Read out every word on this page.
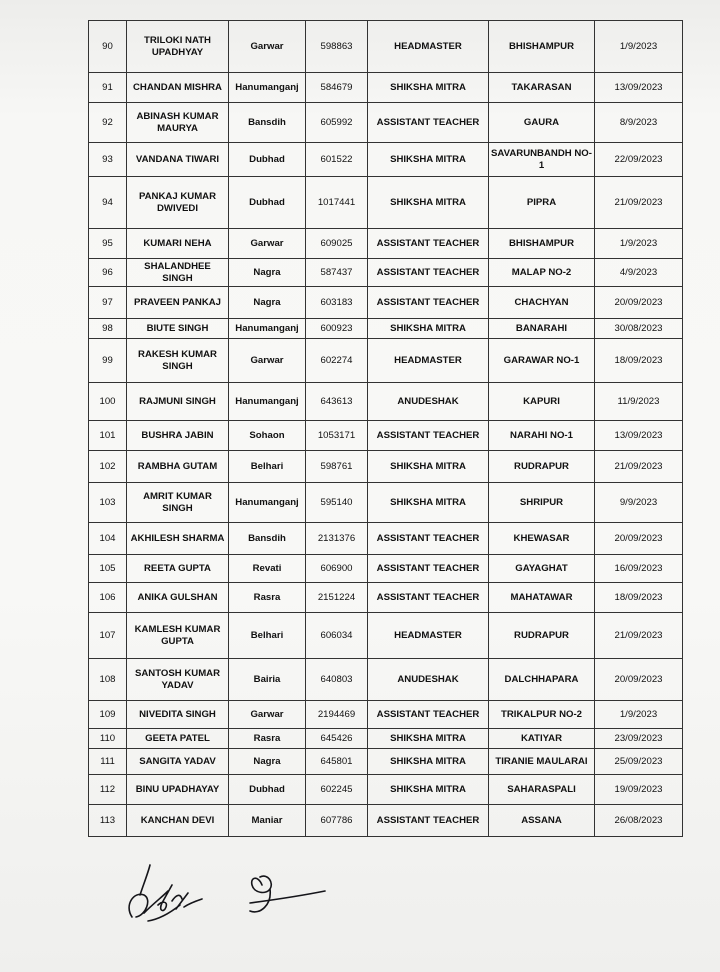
90	TRILOKI NATH UPADHYAY	Garwar	598863	HEADMASTER	BHISHAMPUR	1/9/2023
91	CHANDAN MISHRA	Hanumanganj	584679	SHIKSHA MITRA	TAKARASAN	13/09/2023
92	ABINASH KUMAR MAURYA	Bansdih	605992	ASSISTANT TEACHER	GAURA	8/9/2023
93	VANDANA TIWARI	Dubhad	601522	SHIKSHA MITRA	SAVARUNBANDH NO-1	22/09/2023
94	PANKAJ KUMAR DWIVEDI	Dubhad	1017441	SHIKSHA MITRA	PIPRA	21/09/2023
95	KUMARI NEHA	Garwar	609025	ASSISTANT TEACHER	BHISHAMPUR	1/9/2023
96	SHALANDHEE SINGH	Nagra	587437	ASSISTANT TEACHER	MALAP NO-2	4/9/2023
97	PRAVEEN PANKAJ	Nagra	603183	ASSISTANT TEACHER	CHACHYAN	20/09/2023
98	BIUTE SINGH	Hanumanganj	600923	SHIKSHA MITRA	BANARAHI	30/08/2023
99	RAKESH KUMAR SINGH	Garwar	602274	HEADMASTER	GARAWAR NO-1	18/09/2023
100	RAJMUNI SINGH	Hanumanganj	643613	ANUDESHAK	KAPURI	11/9/2023
101	BUSHRA JABIN	Sohaon	1053171	ASSISTANT TEACHER	NARAHI NO-1	13/09/2023
102	RAMBHA GUTAM	Belhari	598761	SHIKSHA MITRA	RUDRAPUR	21/09/2023
103	AMRIT KUMAR SINGH	Hanumanganj	595140	SHIKSHA MITRA	SHRIPUR	9/9/2023
104	AKHILESH SHARMA	Bansdih	2131376	ASSISTANT TEACHER	KHEWASAR	20/09/2023
105	REETA GUPTA	Revati	606900	ASSISTANT TEACHER	GAYAGHAT	16/09/2023
106	ANIKA GULSHAN	Rasra	2151224	ASSISTANT TEACHER	MAHATAWAR	18/09/2023
107	KAMLESH KUMAR GUPTA	Belhari	606034	HEADMASTER	RUDRAPUR	21/09/2023
108	SANTOSH KUMAR YADAV	Bairia	640803	ANUDESHAK	DALCHHAPARA	20/09/2023
109	NIVEDITA SINGH	Garwar	2194469	ASSISTANT TEACHER	TRIKALPUR NO-2	1/9/2023
110	GEETA PATEL	Rasra	645426	SHIKSHA MITRA	KATIYAR	23/09/2023
111	SANGITA YADAV	Nagra	645801	SHIKSHA MITRA	TIRANIE MAULARAI	25/09/2023
112	BINU UPADHAYAY	Dubhad	602245	SHIKSHA MITRA	SAHARASPALI	19/09/2023
113	KANCHAN DEVI	Maniar	607786	ASSISTANT TEACHER	ASSANA	26/08/2023
